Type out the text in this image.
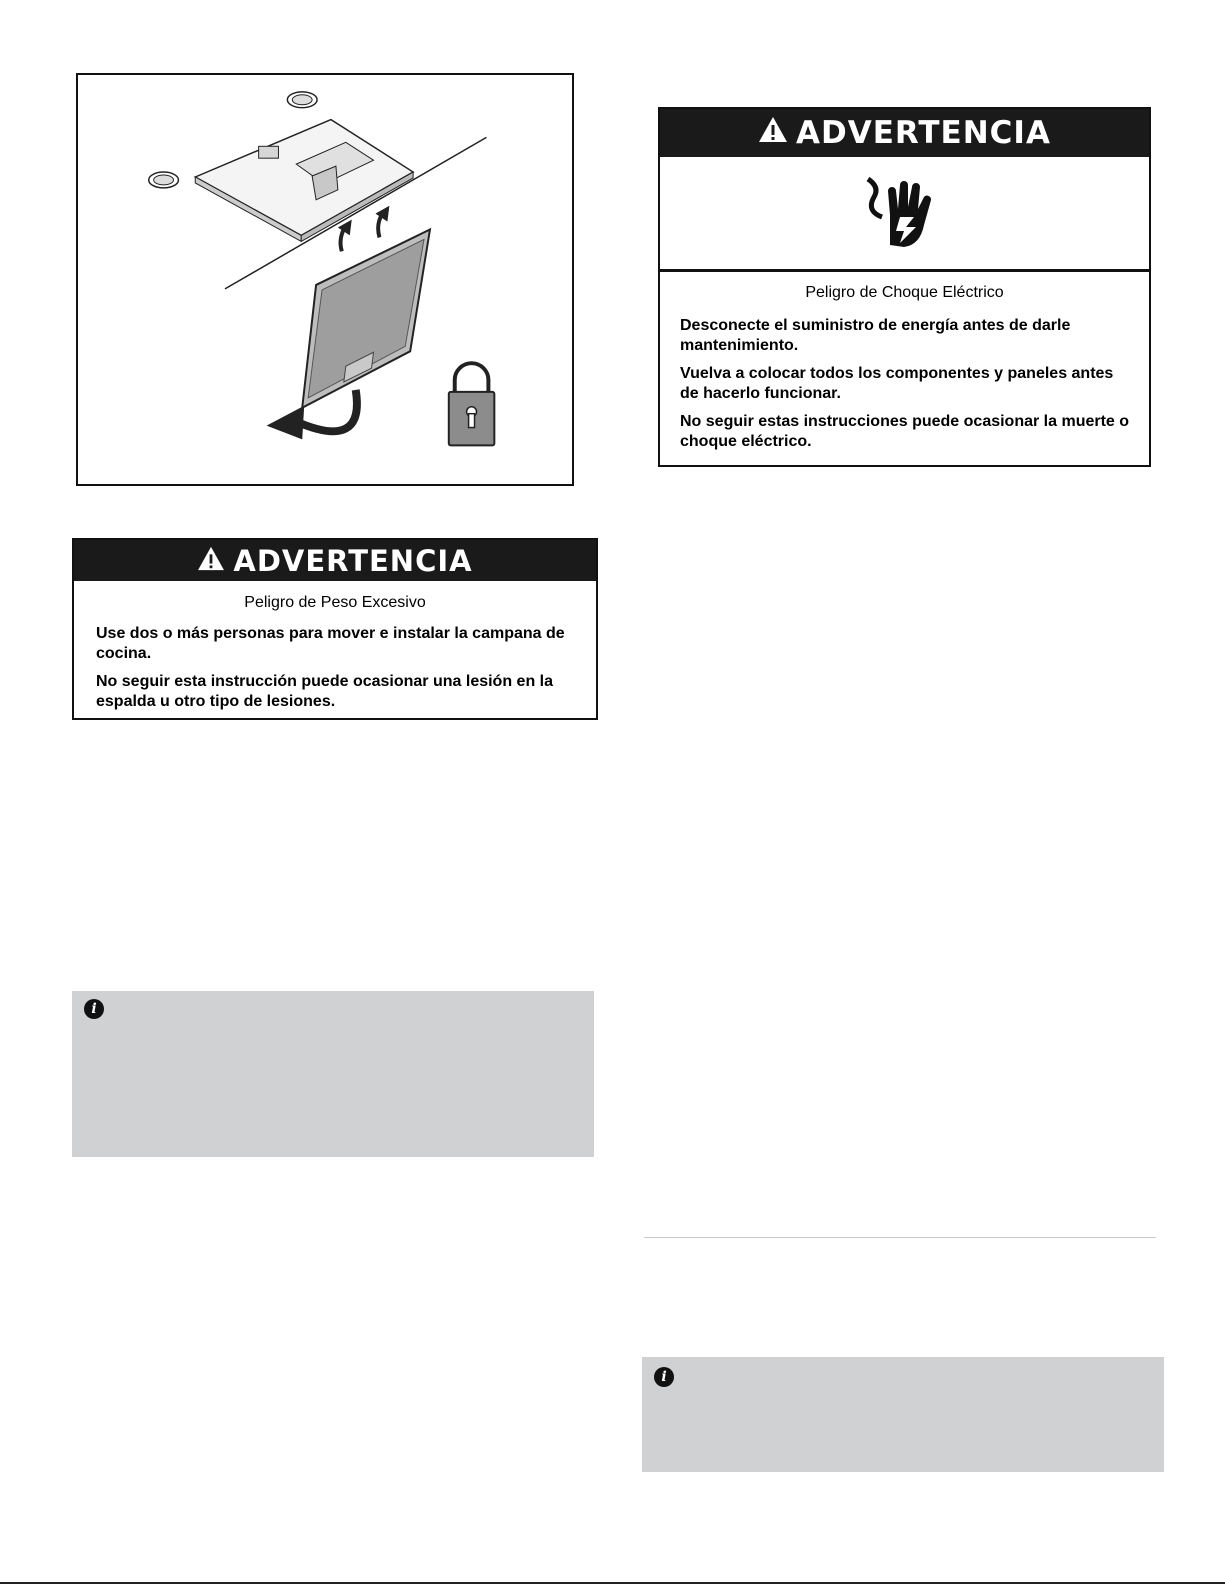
ADVERTENCIA

Peligro de Choque Eléctrico

Desconecte el suministro de energía antes de darle mantenimiento.

Vuelva a colocar todos los componentes y paneles antes de hacerlo funcionar.

No seguir estas instrucciones puede ocasionar la muerte o choque eléctrico.

ADVERTENCIA

Peligro de Peso Excesivo

Use dos o más personas para mover e instalar la campana de cocina.

No seguir esta instrucción puede ocasionar una lesión en la espalda u otro tipo de lesiones.

i
i
